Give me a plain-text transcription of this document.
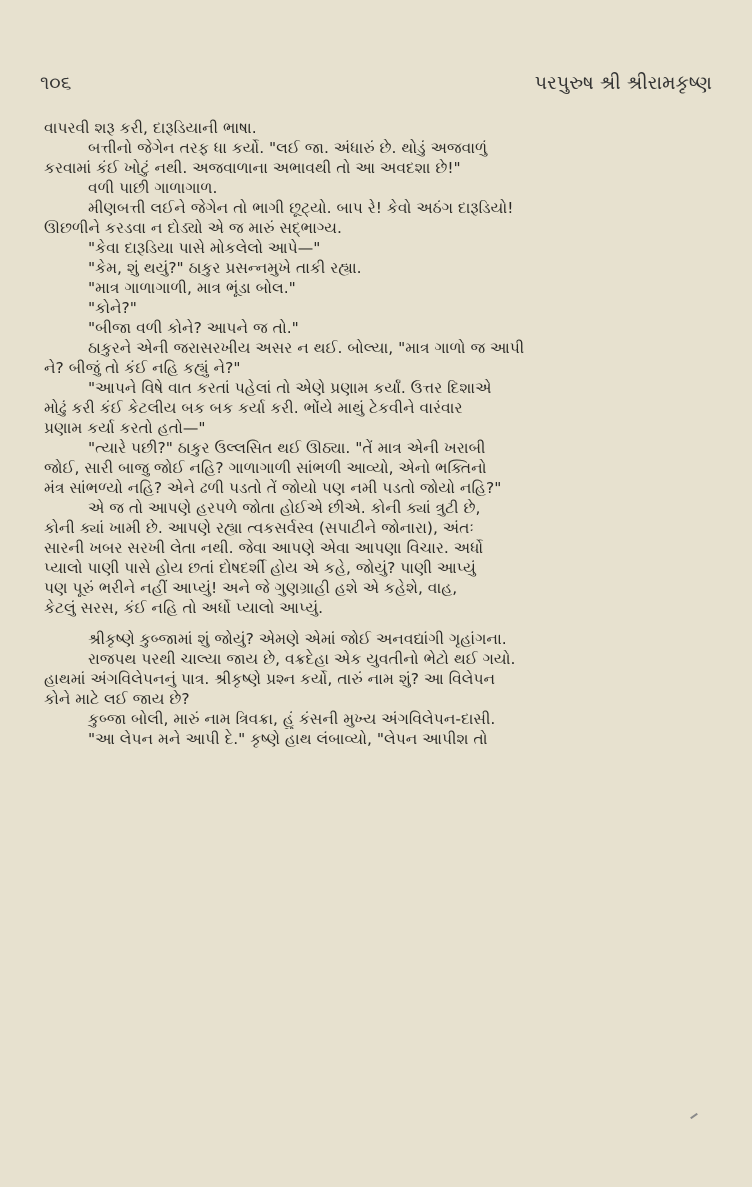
૧૦૬	પરપુરુષ શ્રી શ્રીરામકૃષ્ણ

વાપરવી શરૂ કરી, દારૂડિયાની ભાષા.

બત્તીનો જેગેન તરફ ધા કર્યો. "લઈ જા. અંધારું છે. થોડું અજવાળું

કરવામાં કંઈ ખોટું નથી. અજવાળાના અભાવથી તો આ અવદશા છે!"

વળી પાછી ગાળાગાળ.

મીણબત્તી લઈને જેગેન તો ભાગી છૂટ્યો. બાપ રે! કેવો અઠંગ દારૂડિયો!

ઊછળીને કરડવા ન દોડ્યો એ જ મારું સદ્ભાગ્ય.

"કેવા દારૂડિયા પાસે મોકલેલો આપે—"

"કેમ, શું થયું?" ઠાકુર પ્રસન્નમુખે તાકી રહ્યા.

"માત્ર ગાળાગાળી, માત્ર ભૂંડા બોલ."

"કોને?"

"બીજા વળી કોને? આપને જ તો."

ઠાકુરને એની જરાસરખીય અસર ન થઈ. બોલ્યા, "માત્ર ગાળો જ આપી

ને? બીજું તો કંઈ નહિ કહ્યું ને?"

"આપને વિષે વાત કરતાં પહેલાં તો એણે પ્રણામ કર્યાં. ઉત્તર દિશાએ

મોઢું કરી કંઈ કેટલીય બક બક કર્યા કરી. ભોંયે માથું ટેકવીને વારંવાર

પ્રણામ કર્યા કરતો હતો—"

"ત્યારે પછી?" ઠાકુર ઉલ્લસિત થઈ ઊઠ્યા. "તેં માત્ર એની ખરાબી

જોઈ, સારી બાજુ જોઈ નહિ? ગાળાગાળી સાંભળી આવ્યો, એનો ભક્તિનો

મંત્ર સાંભળ્યો નહિ? એને ઢળી પડતો તેં જોયો પણ નમી પડતો જોયો નહિ?"

એ જ તો આપણે હરપળે જોતા હોઈએ છીએ. કોની ક્યાં ત્રુટી છે,

કોની ક્યાં ખામી છે. આપણે રહ્યા ત્વકસર્વસ્વ (સપાટીને જોનારા), અંતઃ

સારની ખબર સરખી લેતા નથી. જેવા આપણે એવા આપણા વિચાર. અર્ધો

પ્યાલો પાણી પાસે હોય છતાં દોષદર્શી હોય એ કહે, જોયું? પાણી આપ્યું

પણ પૂરું ભરીને નહીં આપ્યું! અને જે ગુણગ્રાહી હશે એ કહેશે, વાહ,

કેટલું સરસ, કંઈ નહિ તો અર્ધો પ્યાલો આપ્યું.

શ્રીકૃષ્ણે કુબ્જામાં શું જોયું? એમણે એમાં જોઈ અનવદ્યાંગી ગૃહાંગના.

રાજપથ પરથી ચાલ્યા જાય છે, વક્રદેહા એક યુવતીનો ભેટો થઈ ગયો.

હાથમાં અંગવિલેપનનું પાત્ર. શ્રીકૃષ્ણે પ્રશ્ન કર્યો, તારું નામ શું? આ વિલેપન

કોને માટે લઈ જાય છે?

કુબ્જા બોલી, મારું નામ ત્રિવક્રા, હું કંસની મુખ્ય અંગવિલેપન-દાસી.

"આ લેપન મને આપી દે." કૃષ્ણે હાથ લંબાવ્યો, "લેપન આપીશ તો
